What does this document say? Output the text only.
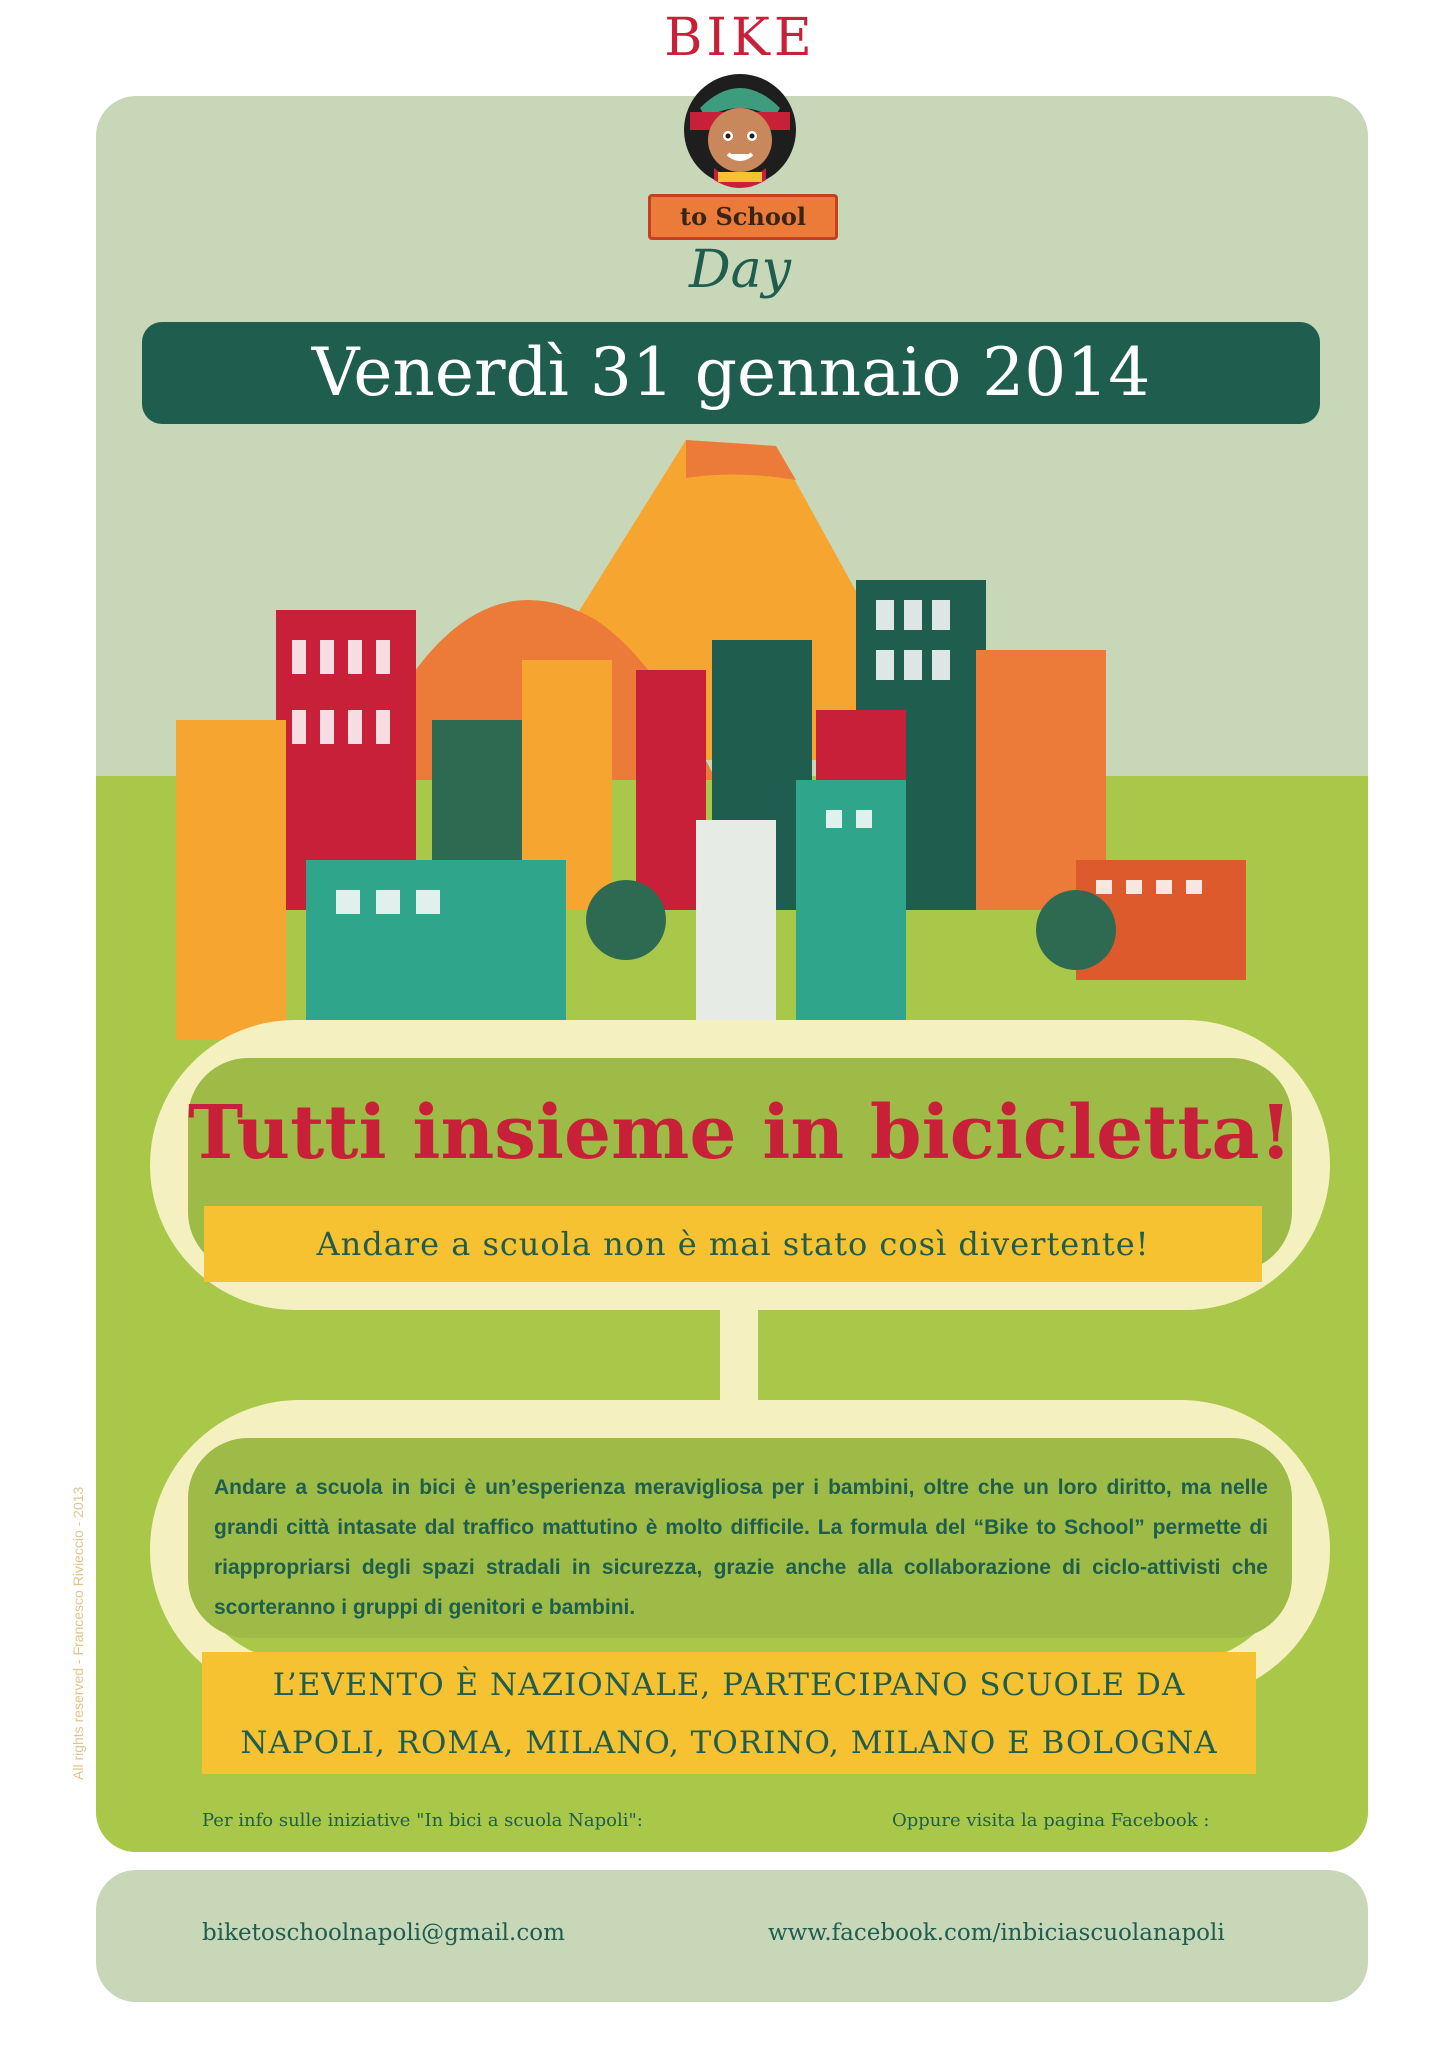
BIKE
to School
Day
Venerdì 31 gennaio 2014
Tutti insieme in bicicletta!
Andare a scuola non è mai stato così divertente!
Andare a scuola in bici è un’esperienza meravigliosa per i bambini, oltre che un loro diritto, ma nelle grandi città intasate dal traffico mattutino è molto difficile. La formula del “Bike to School” permette di riappropriarsi degli spazi stradali in sicurezza, grazie anche alla collaborazione di ciclo-attivisti che scorteranno i gruppi di genitori e bambini.
L’EVENTO È NAZIONALE, PARTECIPANO SCUOLE DA
NAPOLI, ROMA, MILANO, TORINO, MILANO E BOLOGNA
Per info sulle iniziative "In bici a scuola Napoli":	Oppure visita la pagina Facebook :
biketoschoolnapoli@gmail.com	www.facebook.com/inbiciascuolanapoli
All rights reserved - Francesco Rivieccio - 2013
